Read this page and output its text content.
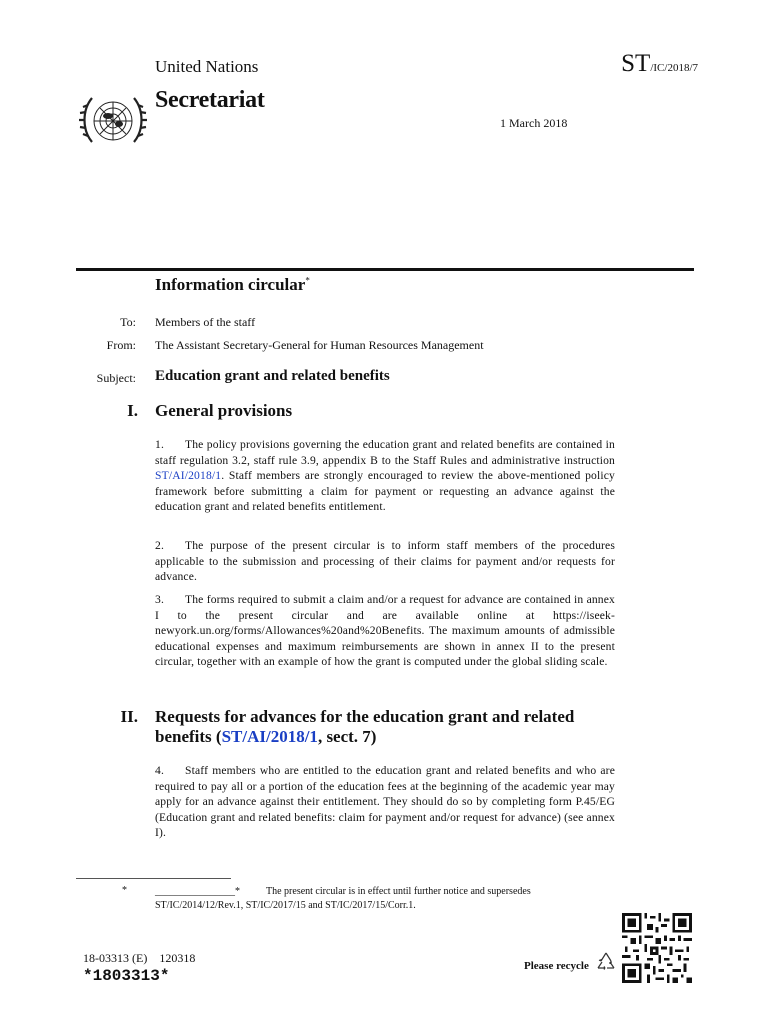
United Nations	ST/IC/2018/7
Secretariat
1 March 2018
Information circular*
To: Members of the staff
From: The Assistant Secretary-General for Human Resources Management
Subject: Education grant and related benefits
I. General provisions
1. The policy provisions governing the education grant and related benefits are contained in staff regulation 3.2, staff rule 3.9, appendix B to the Staff Rules and administrative instruction ST/AI/2018/1. Staff members are strongly encouraged to review the above-mentioned policy framework before submitting a claim for payment or requesting an advance against the education grant and related benefits entitlement.
2. The purpose of the present circular is to inform staff members of the procedures applicable to the submission and processing of their claims for payment and/or requests for advance.
3. The forms required to submit a claim and/or a request for advance are contained in annex I to the present circular and are available online at https://iseek-newyork.un.org/forms/Allowances%20and%20Benefits. The maximum amounts of admissible educational expenses and maximum reimbursements are shown in annex II to the present circular, together with an example of how the grant is computed under the global sliding scale.
II. Requests for advances for the education grant and related benefits (ST/AI/2018/1, sect. 7)
4. Staff members who are entitled to the education grant and related benefits and who are required to pay all or a portion of the education fees at the beginning of the academic year may apply for an advance against their entitlement. They should do so by completing form P.45/EG (Education grant and related benefits: claim for payment and/or request for advance) (see annex I).
*	________________*	The present circular is in effect until further notice and supersedes ST/IC/2014/12/Rev.1, ST/IC/2017/15 and ST/IC/2017/15/Corr.1.
18-03313 (E)    120318
*1803313*
Please recycle
